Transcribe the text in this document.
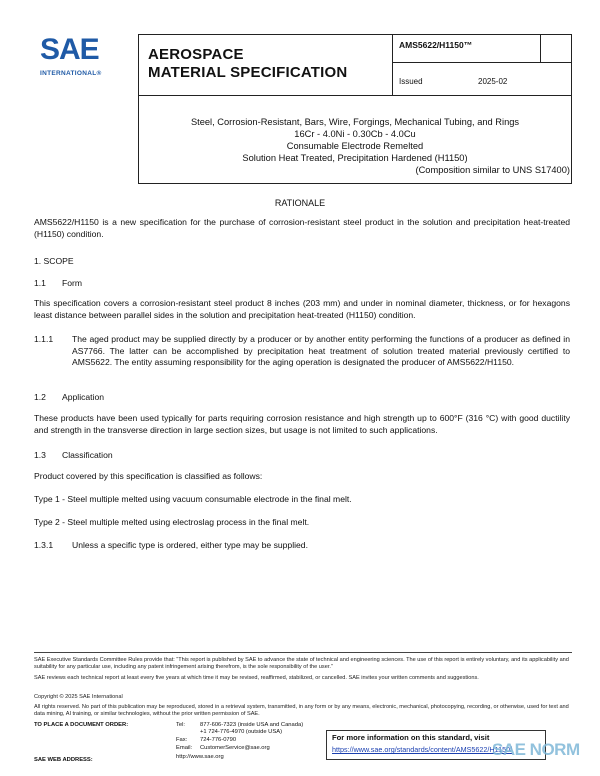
SAE
INTERNATIONAL®
AEROSPACE
MATERIAL SPECIFICATION
AMS5622/H1150™
Issued	2025-02
Steel, Corrosion-Resistant, Bars, Wire, Forgings, Mechanical Tubing, and Rings
16Cr - 4.0Ni - 0.30Cb - 4.0Cu
Consumable Electrode Remelted
Solution Heat Treated, Precipitation Hardened (H1150)
(Composition similar to UNS S17400)
RATIONALE

AMS5622/H1150 is a new specification for the purchase of corrosion-resistant steel product in the solution and precipitation heat-treated (H1150) condition.

1. SCOPE
1.1 Form

This specification covers a corrosion-resistant steel product 8 inches (203 mm) and under in nominal diameter, thickness, or for hexagons least distance between parallel sides in the solution and precipitation heat-treated (H1150) condition.

1.1.1 The aged product may be supplied directly by a producer or by another entity performing the functions of a producer as defined in AS7766. The latter can be accomplished by precipitation heat treatment of solution treated material previously certified to AMS5622. The entity assuming responsibility for the aging operation is designated the producer of AMS5622/H1150.

1.2 Application

These products have been used typically for parts requiring corrosion resistance and high strength up to 600°F (316 °C) with good ductility and strength in the transverse direction in large section sizes, but usage is not limited to such applications.

1.3 Classification

Product covered by this specification is classified as follows:

Type 1 - Steel multiple melted using vacuum consumable electrode in the final melt.

Type 2 - Steel multiple melted using electroslag process in the final melt.

1.3.1 Unless a specific type is ordered, either type may be supplied.

SAE Executive Standards Committee Rules provide that: “This report is published by SAE to advance the state of technical and engineering sciences. The use of this report is entirely voluntary, and its applicability and suitability for any particular use, including any patent infringement arising therefrom, is the sole responsibility of the user.”

SAE reviews each technical report at least every five years at which time it may be revised, reaffirmed, stabilized, or cancelled. SAE invites your written comments and suggestions.

Copyright © 2025 SAE International

All rights reserved. No part of this publication may be reproduced, stored in a retrieval system, transmitted, in any form or by any means, electronic, mechanical, photocopying, recording, or otherwise, used for text and data mining, AI training, or similar technologies, without the prior written permission of SAE.

TO PLACE A DOCUMENT ORDER:	Tel:	877-606-7323 (inside USA and Canada)
+1 724-776-4970 (outside USA)
Fax: 724-776-0790
Email: CustomerService@sae.org
SAE WEB ADDRESS:	http://www.sae.org
For more information on this standard, visit
https://www.sae.org/standards/content/AMS5622/H1150/
SAE NORM
